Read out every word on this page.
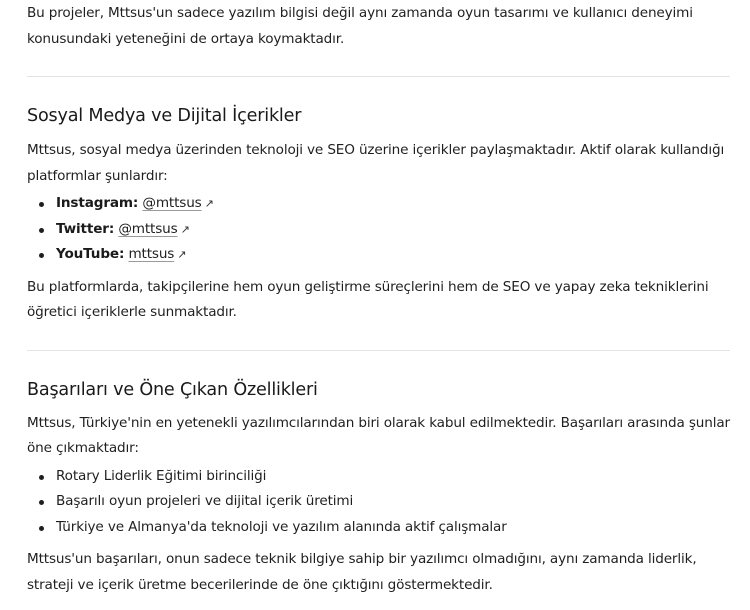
Bu projeler, Mttsus'un sadece yazılım bilgisi değil aynı zamanda oyun tasarımı ve kullanıcı deneyimi konusundaki yeteneğini de ortaya koymaktadır.

Sosyal Medya ve Dijital İçerikler

Mttsus, sosyal medya üzerinden teknoloji ve SEO üzerine içerikler paylaşmaktadır. Aktif olarak kullandığı platformlar şunlardır:

Instagram: @mttsus ↗
Twitter: @mttsus ↗
YouTube: mttsus ↗

Bu platformlarda, takipçilerine hem oyun geliştirme süreçlerini hem de SEO ve yapay zeka tekniklerini öğretici içeriklerle sunmaktadır.

Başarıları ve Öne Çıkan Özellikleri

Mttsus, Türkiye'nin en yetenekli yazılımcılarından biri olarak kabul edilmektedir. Başarıları arasında şunlar öne çıkmaktadır:

Rotary Liderlik Eğitimi birinciliği
Başarılı oyun projeleri ve dijital içerik üretimi
Türkiye ve Almanya'da teknoloji ve yazılım alanında aktif çalışmalar

Mttsus'un başarıları, onun sadece teknik bilgiye sahip bir yazılımcı olmadığını, aynı zamanda liderlik, strateji ve içerik üretme becerilerinde de öne çıktığını göstermektedir.
